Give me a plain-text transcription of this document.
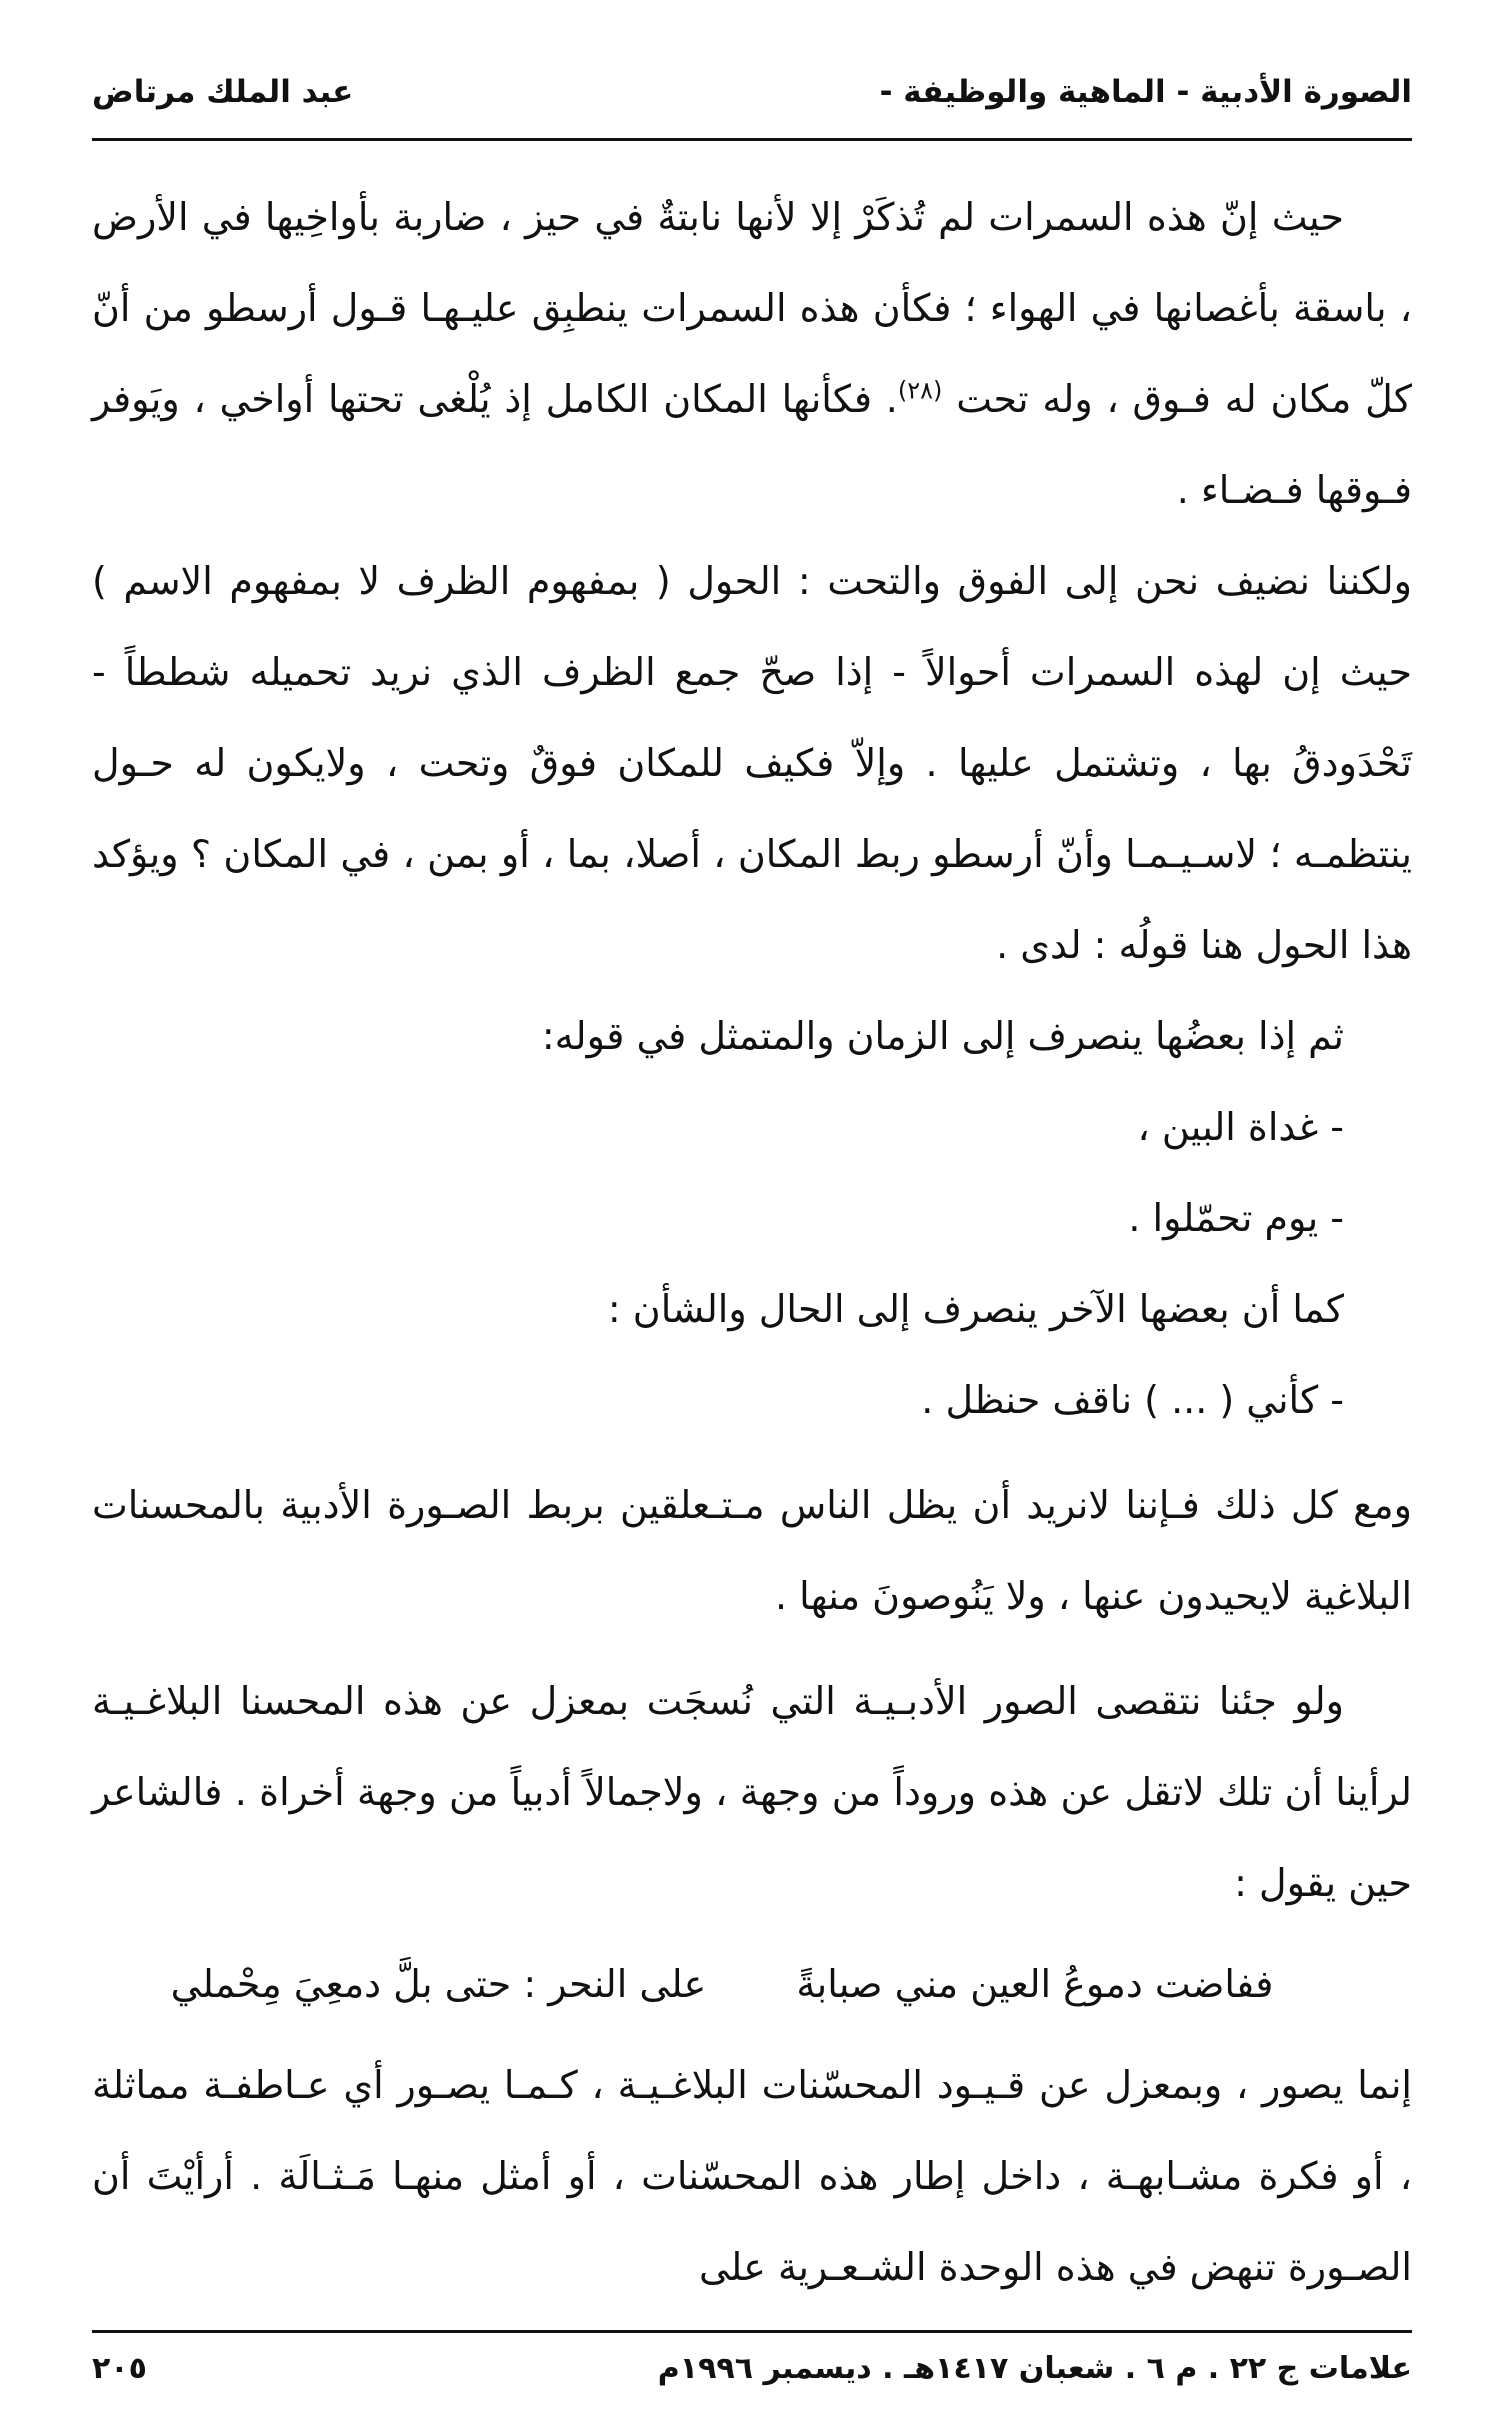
الصورة الأدبية - الماهية والوظيفة -
عبد الملك مرتاض

حيث إنّ هذه السمرات لم تُذكَرْ إلا لأنها نابتةٌ في حيز ، ضاربة بأواخِيها في الأرض ، باسقة بأغصانها في الهواء ؛ فكأن هذه السمرات ينطبِق عليـهـا قـول أرسطو من أنّ كلّ مكان له فـوق ، وله تحت $^{(٢٨)}$. فكأنها المكان الكامل إذ يُلْغى تحتها أواخي ، ويَوفر فـوقها فـضـاء .

ولكننا نضيف نحن إلى الفوق والتحت : الحول ( بمفهوم الظرف لا بمفهوم الاسم ) حيث إن لهذه السمرات أحوالاً - إذا صحّ جمع الظرف الذي نريد تحميله شططاً - تَحْدَودقُ بها ، وتشتمل عليها . وإلاّ فكيف للمكان فوقٌ وتحت ، ولايكون له حـول ينتظمـه ؛ لاسـيـمـا وأنّ أرسطو ربط المكان ، أصلا، بما ، أو بمن ، في المكان ؟ ويؤكد هذا الحول هنا قولُه : لدى .

ثم إذا بعضُها ينصرف إلى الزمان والمتمثل في قوله:

- غداة البين ،

- يوم تحمّلوا .

كما أن بعضها الآخر ينصرف إلى الحال والشأن :

- كأني ( ... ) ناقف حنظل .

ومع كل ذلك فـإننا لانريد أن يظل الناس مـتـعلقين بربط الصـورة الأدبية بالمحسنات البلاغية لايحيدون عنها ، ولا يَنُوصونَ منها .

ولو جئنا نتقصى الصور الأدبـيـة التي نُسجَت بمعزل عن هذه المحسنا البلاغـيـة لرأينا أن تلك لاتقل عن هذه وروداً من وجهة ، ولاجمالاً أدبياً من وجهة أخراة . فالشاعر حين يقول :

ففاضت دموعُ العين مني صبابةً
على النحر : حتى بلَّ دمعِيَ مِحْملي

إنما يصور ، وبمعزل عن قـيـود المحسّنات البلاغـيـة ، كـمـا يصـور أي عـاطفـة مماثلة ، أو فكرة مشـابهـة ، داخل إطار هذه المحسّنات ، أو أمثل منهـا مَـثـالَة . أرأيْتَ أن الصـورة تنهض في هذه الوحدة الشـعـرية على

علامات ج ٢٢ . م ٦ . شعبان ١٤١٧هـ . ديسمبر ١٩٩٦م
٢٠٥
